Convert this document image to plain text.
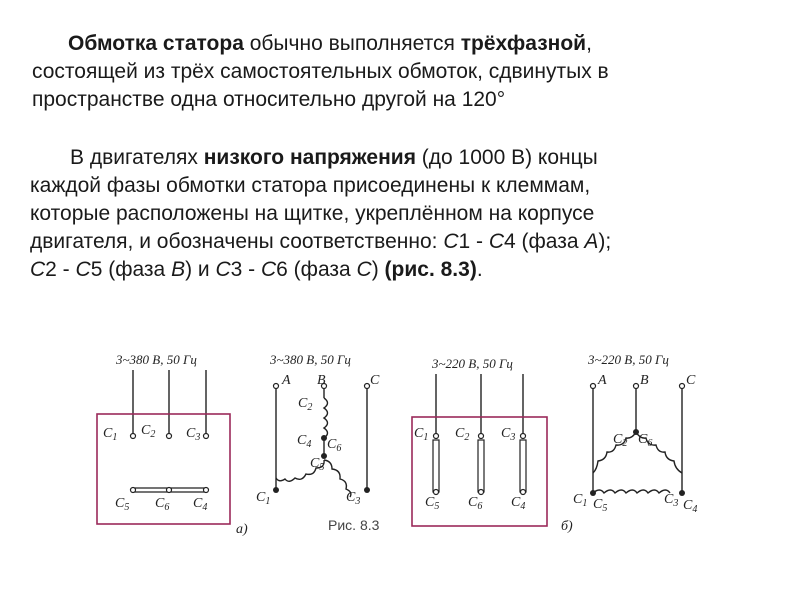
Обмотка статора обычно выполняется трёхфазной,
состоящей из трёх самостоятельных обмоток, сдвинутых в
пространстве одна относительно другой на 120°
В двигателях низкого напряжения (до 1000 В) концы
каждой фазы обмотки статора присоединены к клеммам,
которые расположены на щитке, укреплённом на корпусе
двигателя, и обозначены соответственно: C1 - C4 (фаза A);
C2 - C5 (фаза B) и C3 - C6 (фаза C) (рис. 8.3).
3~380 В, 50 Гц	3~380 В, 50 Гц	3~220 В, 50 Гц	3~220 В, 50 Гц
A B	C	A B	C
$C_1$ $C_2$ $C_3$
$C_5$ $C_6$ $C_4$
$C_2$
$C_4$ $C_6$
$C_5$
$C_1$	$C_3$
$C_1$ $C_2$ $C_3$
$C_5$ $C_6$ $C_4$
$C_2$ $C_6$
$C_1$ $C_5$
$C_3$ $C_4$
а)	Рис. 8.3	б)
